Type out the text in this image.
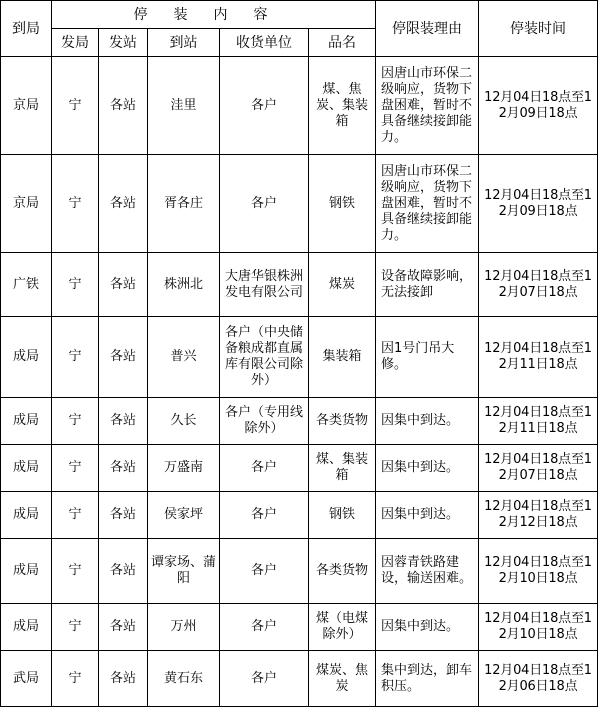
到局	停装内容					停限装理由	停装时间
	发局	发站	到站	收货单位	品名		
京局	宁	各站	洼里	各户	煤、焦炭、集装箱	因唐山市环保二级响应，货物下盘困难，暂时不具备继续接卸能力。	12月04日18点至12月09日18点
京局	宁	各站	胥各庄	各户	钢铁	因唐山市环保二级响应，货物下盘困难，暂时不具备继续接卸能力。	12月04日18点至12月09日18点
广铁	宁	各站	株洲北	大唐华银株洲发电有限公司	煤炭	设备故障影响，无法接卸	12月04日18点至12月07日18点
成局	宁	各站	普兴	各户（中央储备粮成都直属库有限公司除外）	集装箱	因1号门吊大修。	12月04日18点至12月11日18点
成局	宁	各站	久长	各户（专用线除外）	各类货物	因集中到达。	12月04日18点至12月11日18点
成局	宁	各站	万盛南	各户	煤、集装箱	因集中到达。	12月04日18点至12月07日18点
成局	宁	各站	侯家坪	各户	钢铁	因集中到达。	12月04日18点至12月12日18点
成局	宁	各站	谭家场、蒲阳	各户	各类货物	因蓉青铁路建设，输送困难。	12月04日18点至12月10日18点
成局	宁	各站	万州	各户	煤（电煤除外）	因集中到达。	12月04日18点至12月10日18点
武局	宁	各站	黄石东	各户	煤炭、焦炭	集中到达，卸车积压。	12月04日18点至12月06日18点
